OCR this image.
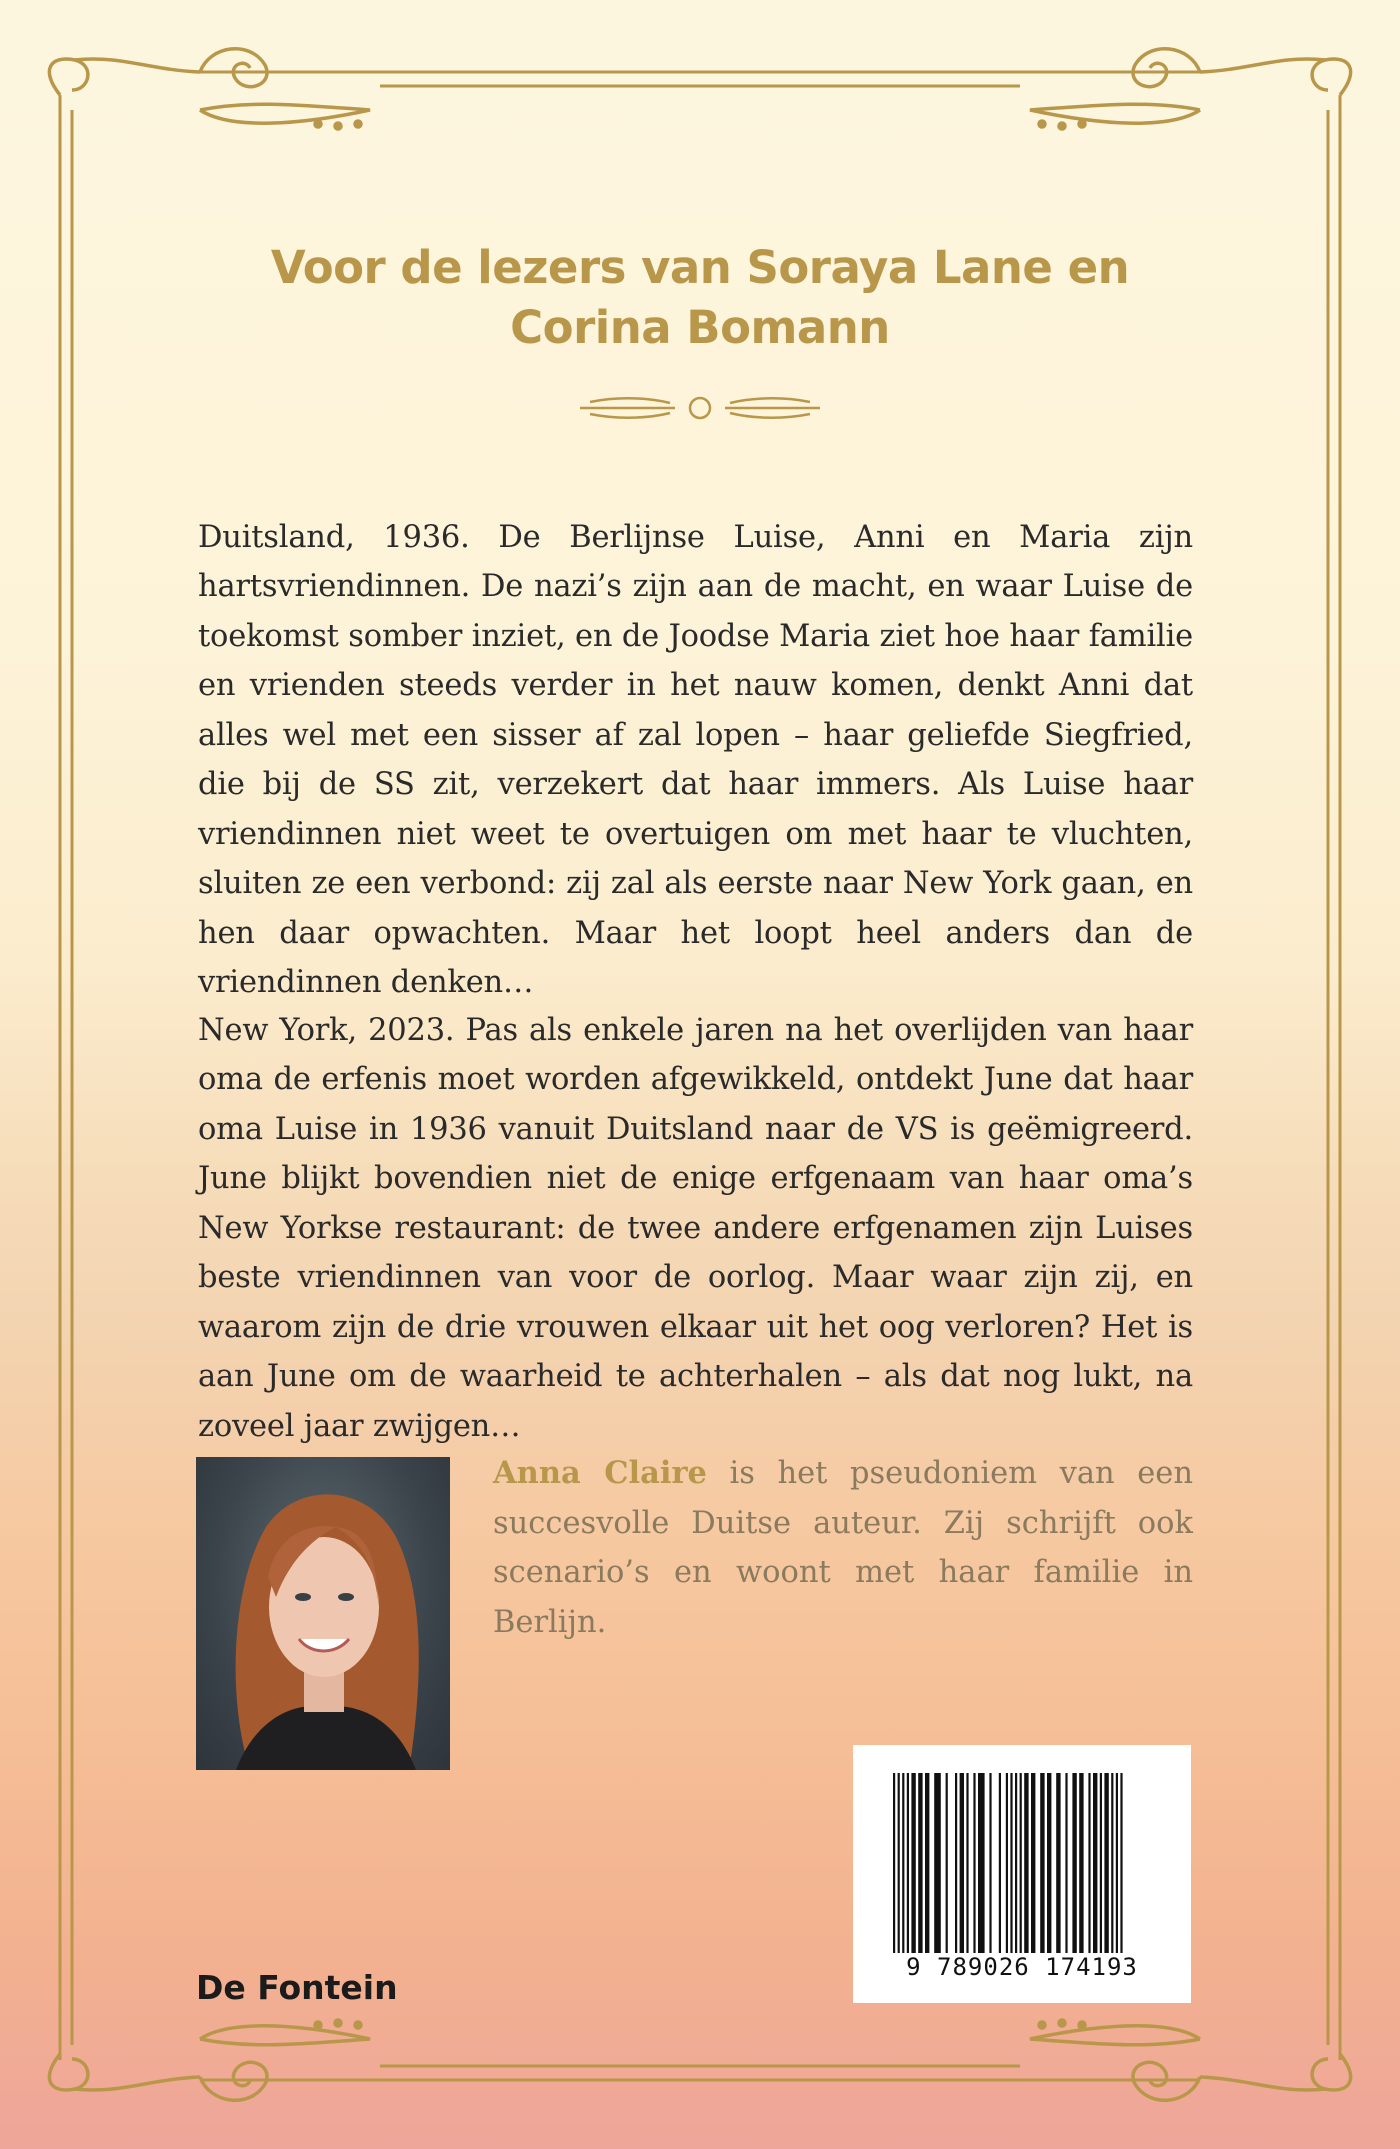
Voor de lezers van Soraya Lane en
Corina Bomann

Duitsland, 1936. De Berlijnse Luise, Anni en Maria zijn hartsvriendinnen. De nazi’s zijn aan de macht, en waar Luise de toekomst somber inziet, en de Joodse Maria ziet hoe haar familie en vrienden steeds verder in het nauw komen, denkt Anni dat alles wel met een sisser af zal lopen – haar geliefde Siegfried, die bij de SS zit, verzekert dat haar immers. Als Luise haar vriendinnen niet weet te overtuigen om met haar te vluchten, sluiten ze een verbond: zij zal als eerste naar New York gaan, en hen daar opwachten. Maar het loopt heel anders dan de vriendinnen denken…

New York, 2023. Pas als enkele jaren na het overlijden van haar oma de erfenis moet worden afgewikkeld, ontdekt June dat haar oma Luise in 1936 vanuit Duitsland naar de VS is geëmigreerd. June blijkt bovendien niet de enige erfgenaam van haar oma’s New Yorkse restaurant: de twee andere erfgenamen zijn Luises beste vriendinnen van voor de oorlog. Maar waar zijn zij, en waarom zijn de drie vrouwen elkaar uit het oog verloren? Het is aan June om de waarheid te achterhalen – als dat nog lukt, na zoveel jaar zwijgen…

Anna Claire is het pseudoniem van een succesvolle Duitse auteur. Zij schrijft ook scenario’s en woont met haar familie in Berlijn.
9 789026 174193
De Fontein
